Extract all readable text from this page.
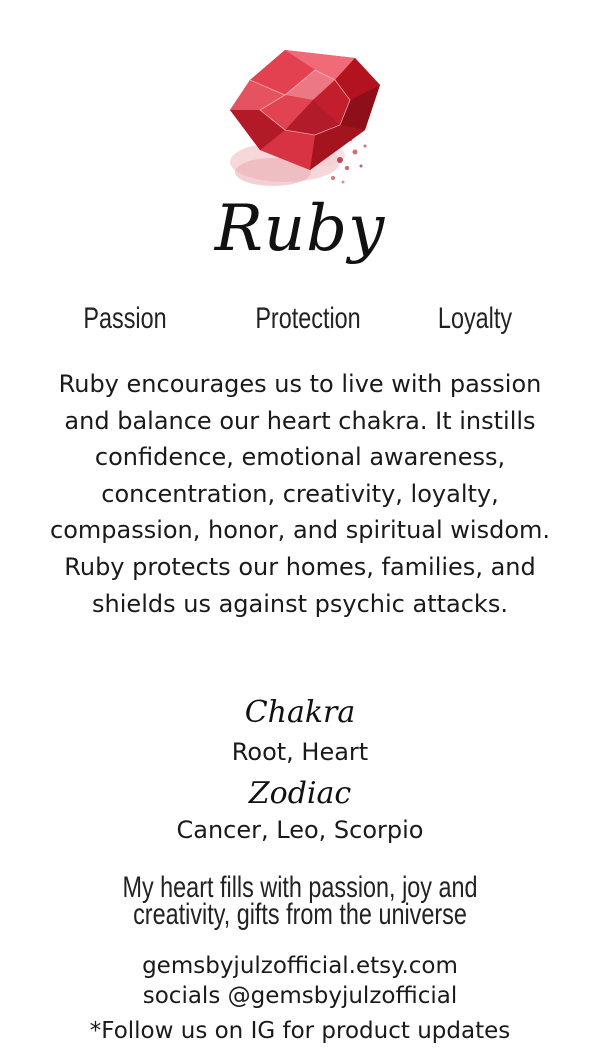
Ruby
Passion	Protection	Loyalty

Ruby encourages us to live with passion and balance our heart chakra. It instills confidence, emotional awareness, concentration, creativity, loyalty, compassion, honor, and spiritual wisdom. Ruby protects our homes, families, and shields us against psychic attacks.

Chakra
Root, Heart
Zodiac
Cancer, Leo, Scorpio
My heart fills with passion, joy and creativity, gifts from the universe
gemsbyjulzofficial.etsy.com
socials @gemsbyjulzofficial
*Follow us on IG for product updates
